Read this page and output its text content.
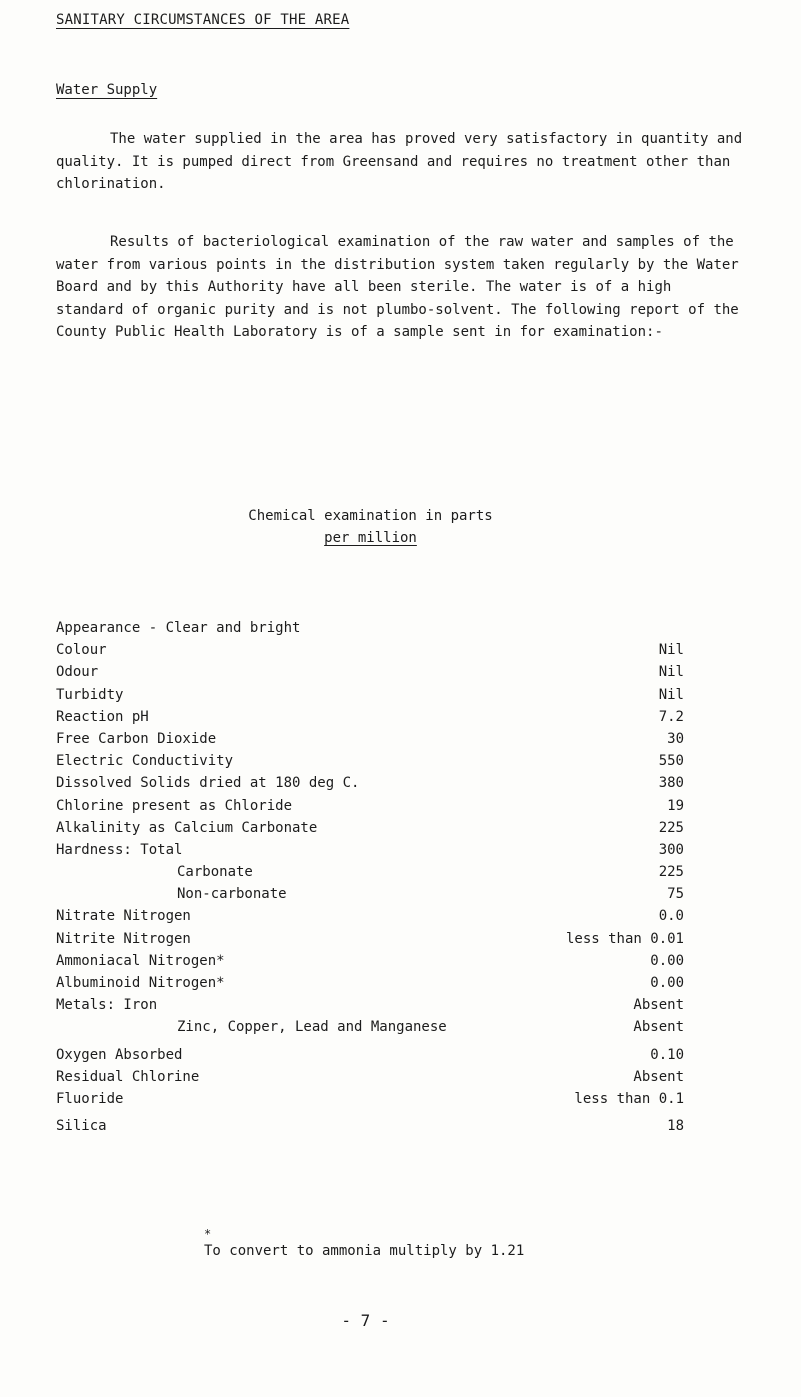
SANITARY CIRCUMSTANCES OF THE AREA
Water Supply

The water supplied in the area has proved very satisfactory in quantity and quality. It is pumped direct from Greensand and requires no treatment other than chlorination.

Results of bacteriological examination of the raw water and samples of the water from various points in the distribution system taken regularly by the Water Board and by this Authority have all been sterile. The water is of a high standard of organic purity and is not plumbo-solvent. The following report of the County Public Health Laboratory is of a sample sent in for examination:-

Chemical examination in parts
per million
Appearance - Clear and bright
Colour	Nil
Odour	Nil
Turbidty	Nil
Reaction pH	7.2
Free Carbon Dioxide	30
Electric Conductivity	550
Dissolved Solids dried at 180 deg C.	380
Chlorine present as Chloride	19
Alkalinity as Calcium Carbonate	225
Hardness: Total	300
Carbonate	225
Non-carbonate	75
Nitrate Nitrogen	0.0
Nitrite Nitrogen	less than 0.01
Ammoniacal Nitrogen*	0.00
Albuminoid Nitrogen*	0.00
Metals: Iron	Absent
Zinc, Copper, Lead and Manganese	Absent
Oxygen Absorbed	0.10
Residual Chlorine	Absent
Fluoride	less than 0.1
Silica	18
*
To convert to ammonia multiply by 1.21
- 7 -
